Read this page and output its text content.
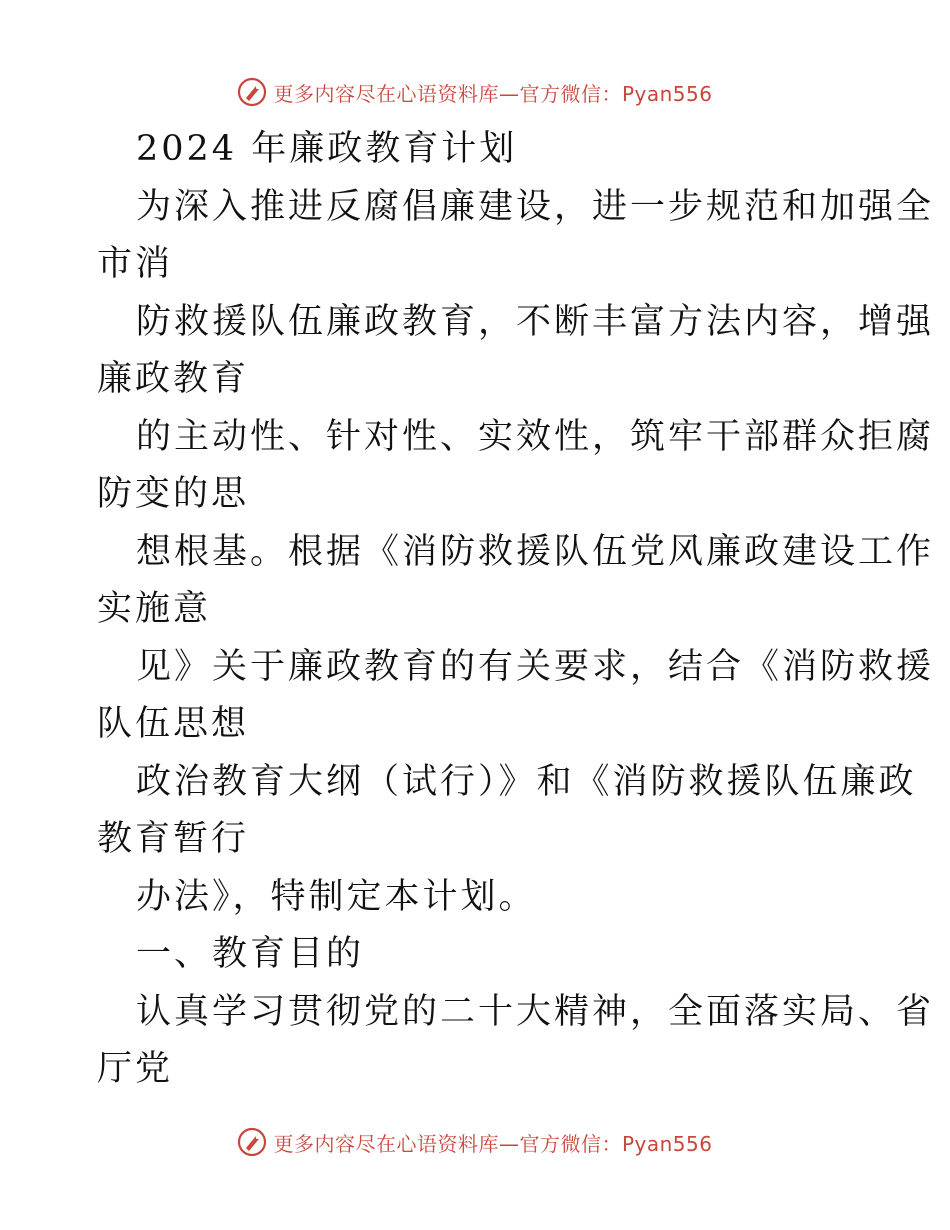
更多内容尽在心语资料库—官方微信：Pyan556
2024 年廉政教育计划
为深入推进反腐倡廉建设，进一步规范和加强全
市消
防救援队伍廉政教育，不断丰富方法内容，增强
廉政教育
的主动性、针对性、实效性，筑牢干部群众拒腐
防变的思
想根基。根据《消防救援队伍党风廉政建设工作
实施意
见》关于廉政教育的有关要求，结合《消防救援
队伍思想
政治教育大纲（试行）》和《消防救援队伍廉政
教育暂行
办法》，特制定本计划。
一、教育目的
认真学习贯彻党的二十大精神，全面落实局、省
厅党
更多内容尽在心语资料库—官方微信：Pyan556
